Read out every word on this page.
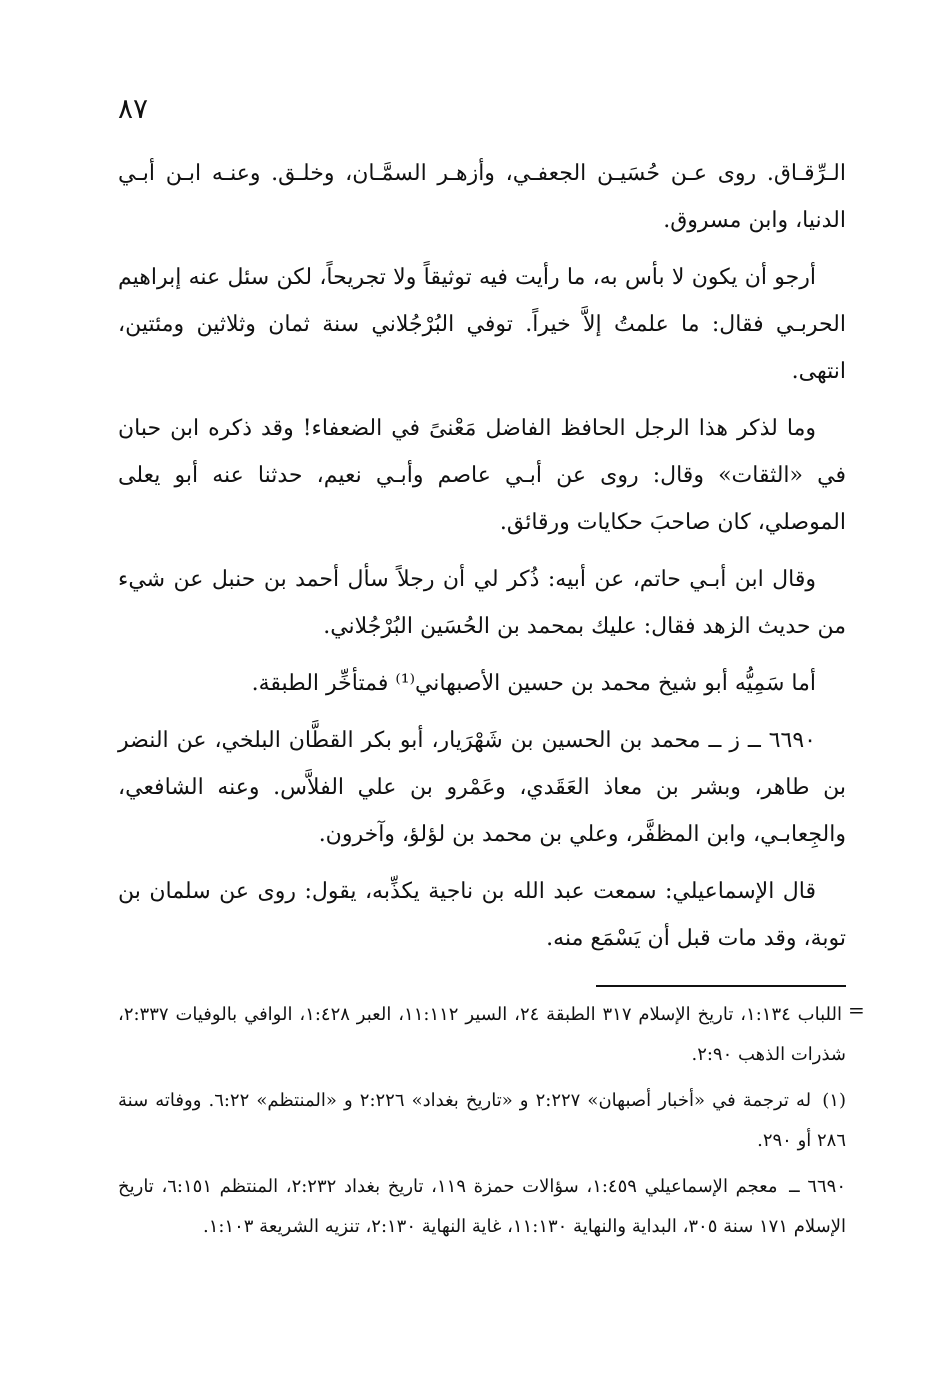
٨٧

الـرِّقـاق. روى عـن حُسَيـن الجعفـي، وأزهـر السمَّـان، وخلـق. وعنـه ابـن أبـي الدنيا، وابن مسروق.

أرجو أن يكون لا بأس به، ما رأيت فيه توثيقاً ولا تجريحاً، لكن سئل عنه إبراهيم الحربـي فقال: ما علمتُ إلاَّ خيراً. توفي البُرْجُلاني سنة ثمان وثلاثين ومئتين، انتهى.

وما لذكر هذا الرجل الحافظ الفاضل مَعْنىً في الضعفاء! وقد ذكره ابن حبان في «الثقات» وقال: روى عن أبـي عاصم وأبـي نعيم، حدثنا عنه أبو يعلى الموصلي، كان صاحبَ حكايات ورقائق.

وقال ابن أبـي حاتم، عن أبيه: ذُكر لي أن رجلاً سأل أحمد بن حنبل عن شيء من حديث الزهد فقال: عليك بمحمد بن الحُسَين البُرْجُلاني.

أما سَمِيُّه أبو شيخ محمد بن حسين الأصبهاني⁽¹⁾ فمتأخِّر الطبقة.

٦٦٩٠ ــ ز ــ محمد بن الحسين بن شَهْرَيار، أبو بكر القطَّان البلخي، عن النضر بن طاهر، وبشر بن معاذ العَقَدي، وعَمْرو بن علي الفلاَّس. وعنه الشافعي، والجِعابـي، وابن المظفَّر، وعلي بن محمد بن لؤلؤ، وآخرون.

قال الإسماعيلي: سمعت عبد الله بن ناجية يكذِّبه، يقول: روى عن سلمان بن توبة، وقد مات قبل أن يَسْمَع منه.

=

اللباب ١:١٣٤، تاريخ الإسلام ٣١٧ الطبقة ٢٤، السير ١١:١١٢، العبر ١:٤٢٨، الوافي بالوفيات ٢:٣٣٧، شذرات الذهب ٢:٩٠.

(١) له ترجمة في «أخبار أصبهان» ٢:٢٢٧ و «تاريخ بغداد» ٢:٢٢٦ و «المنتظم» ٦:٢٢. ووفاته سنة ٢٨٦ أو ٢٩٠.

٦٦٩٠ ــ معجم الإسماعيلي ١:٤٥٩، سؤالات حمزة ١١٩، تاريخ بغداد ٢:٢٣٢، المنتظم ٦:١٥١، تاريخ الإسلام ١٧١ سنة ٣٠٥، البداية والنهاية ١١:١٣٠، غاية النهاية ٢:١٣٠، تنزيه الشريعة ١:١٠٣.
